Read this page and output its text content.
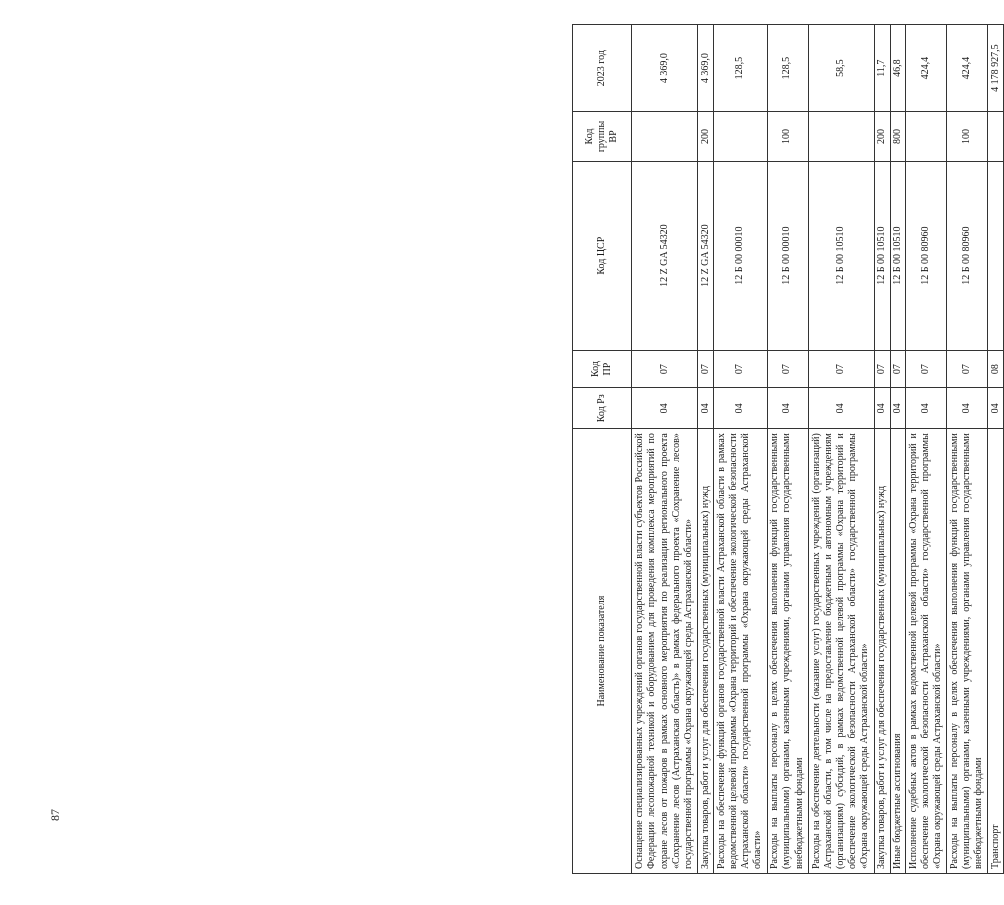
87
Наименование показателя	Код Рз	Код ПР	Код ЦСР	Код группы ВР	2023 год
Оснащение специализированных учреждений органов государственной власти субъектов Российской Федерации лесопожарной техникой и оборудованием для проведения комплекса мероприятий по охране лесов от пожаров в рамках основного мероприятия по реализации регионального проекта «Сохранение лесов (Астраханская область)» в рамках федерального проекта «Сохранение лесов» государственной программы «Охрана окружающей среды Астраханской области»	04	07	12 Z GA 54320		4 369,0
Закупка товаров, работ и услуг для обеспечения государственных (муниципальных) нужд	04	07	12 Z GA 54320	200	4 369,0
Расходы на обеспечение функций органов государственной власти Астраханской области в рамках ведомственной целевой программы «Охрана территорий и обеспечение экологической безопасности Астраханской области» государственной программы «Охрана окружающей среды Астраханской области»	04	07	12 Б 00 00010		128,5
Расходы на выплаты персоналу в целях обеспечения выполнения функций государственными (муниципальными) органами, казенными учреждениями, органами управления государственными внебюджетными фондами	04	07	12 Б 00 00010	100	128,5
Расходы на обеспечение деятельности (оказание услуг) государственных учреждений (организаций) Астраханской области, в том числе на предоставление бюджетным и автономным учреждениям (организациям) субсидий, в рамках ведомственной целевой программы «Охрана территорий и обеспечение экологической безопасности Астраханской области» государственной программы «Охрана окружающей среды Астраханской области»	04	07	12 Б 00 10510		58,5
Закупка товаров, работ и услуг для обеспечения государственных (муниципальных) нужд	04	07	12 Б 00 10510	200	11,7
Иные бюджетные ассигнования	04	07	12 Б 00 10510	800	46,8
Исполнение судебных актов в рамках ведомственной целевой программы «Охрана территорий и обеспечение экологической безопасности Астраханской области» государственной программы «Охрана окружающей среды Астраханской области»	04	07	12 Б 00 80960		424,4
Расходы на выплаты персоналу в целях обеспечения выполнения функций государственными (муниципальными) органами, казенными учреждениями, органами управления государственными внебюджетными фондами	04	07	12 Б 00 80960	100	424,4
Транспорт	04	08			4 178 927,5
